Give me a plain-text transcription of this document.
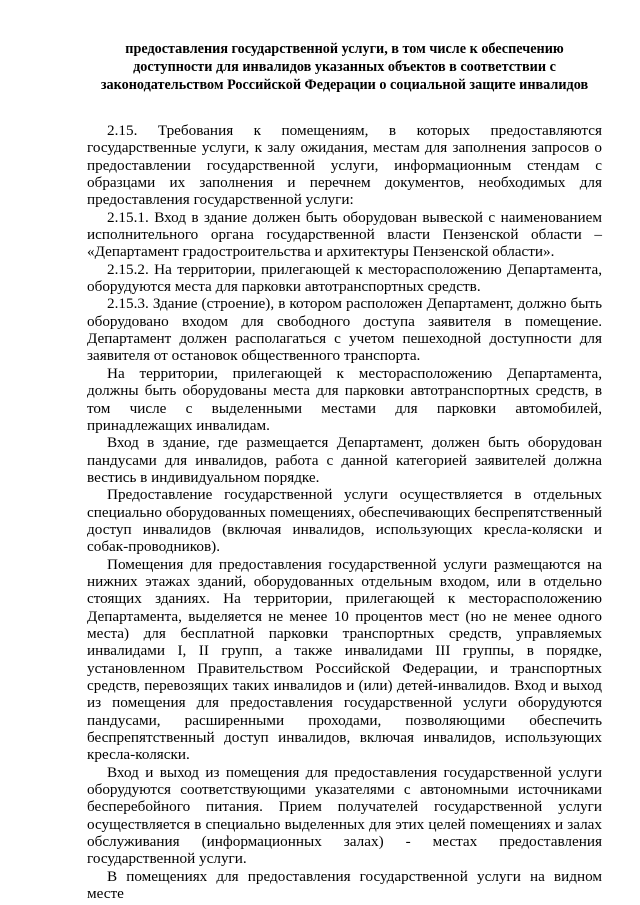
предоставления государственной услуги, в том числе к обеспечению
доступности для инвалидов указанных объектов в соответствии с
законодательством Российской Федерации о социальной защите инвалидов

2.15. Требования к помещениям, в которых предоставляются государственные услуги, к залу ожидания, местам для заполнения запросов о предоставлении государственной услуги, информационным стендам с образцами их заполнения и перечнем документов, необходимых для предоставления государственной услуги:

2.15.1. Вход в здание должен быть оборудован вывеской с наименованием исполнительного органа государственной власти Пензенской области – «Департамент градостроительства и архитектуры Пензенской области».

2.15.2. На территории, прилегающей к месторасположению Департамента, оборудуются места для парковки автотранспортных средств.

2.15.3. Здание (строение), в котором расположен Департамент, должно быть оборудовано входом для свободного доступа заявителя в помещение. Департамент должен располагаться с учетом пешеходной доступности для заявителя от остановок общественного транспорта.

На территории, прилегающей к месторасположению Департамента, должны быть оборудованы места для парковки автотранспортных средств, в том числе с выделенными местами для парковки автомобилей, принадлежащих инвалидам.

Вход в здание, где размещается Департамент, должен быть оборудован пандусами для инвалидов, работа с данной категорией заявителей должна вестись в индивидуальном порядке.

Предоставление государственной услуги осуществляется в отдельных специально оборудованных помещениях, обеспечивающих беспрепятственный доступ инвалидов (включая инвалидов, использующих кресла-коляски и собак-проводников).

Помещения для предоставления государственной услуги размещаются на нижних этажах зданий, оборудованных отдельным входом, или в отдельно стоящих зданиях. На территории, прилегающей к месторасположению Департамента, выделяется не менее 10 процентов мест (но не менее одного места) для бесплатной парковки транспортных средств, управляемых инвалидами I, II групп, а также инвалидами III группы, в порядке, установленном Правительством Российской Федерации, и транспортных средств, перевозящих таких инвалидов и (или) детей-инвалидов. Вход и выход из помещения для предоставления государственной услуги оборудуются пандусами, расширенными проходами, позволяющими обеспечить беспрепятственный доступ инвалидов, включая инвалидов, использующих кресла-коляски.

Вход и выход из помещения для предоставления государственной услуги оборудуются соответствующими указателями с автономными источниками бесперебойного питания. Прием получателей государственной услуги осуществляется в специально выделенных для этих целей помещениях и залах обслуживания (информационных залах) - местах предоставления государственной услуги.

В помещениях для предоставления государственной услуги на видном месте
